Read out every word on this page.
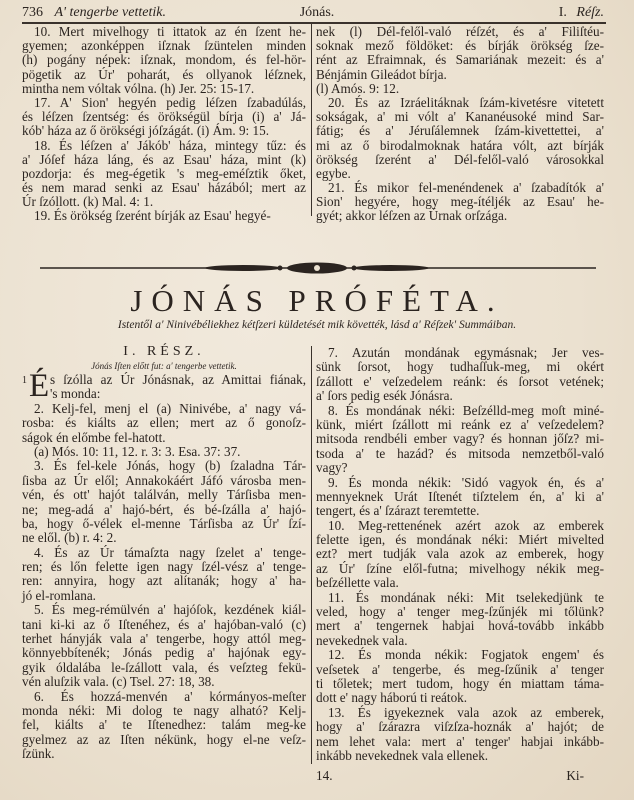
736 A' tengerbe vettetik.	Jónás.	I. Réſz.
10. Mert mivelhogy ti ittatok az én ſzent he-
gyemen; azonképpen iſznak ſzüntelen minden
(h) pogány népek: iſznak, mondom, és fel-hör-
pögetik az Úr' poharát, és ollyanok léſznek,
mintha nem vóltak vólna. (h) Jer. 25: 15-17.
17. A' Sion' hegyén pedig léſzen ſzabadúlás,
és léſzen ſzentség: és örökségül bírja (i) a' Já-
kób' háza az ő örökségi jóſzágát. (i) Ám. 9: 15.
18. És léſzen a' Jákób' háza, mintegy tűz: és
a' Jóſef háza láng, és az Esau' háza, mint (k)
pozdorja: és meg-égetik 's meg-eméſztik őket,
és nem marad senki az Esau' házából; mert az
Úr ſzóllott. (k) Mal. 4: 1.
19. És örökség ſzerént bírják az Esau' hegyé-
nek (l) Dél-felől-való réſzét, és a' Filiſtéu-
soknak mező földöket: és bírják örökség ſze-
rént az Efraimnak, és Samariának mezeit: és a'
Bénjámin Gileádot bírja.
(l) Amós. 9: 12.
20. És az Izráelitáknak ſzám-kivetésre vitetett
sokságak, a' mi vólt a' Kananéusoké mind Sar-
fátig; és a' Jéruſálemnek ſzám-kivettettei, a'
mi az ő birodalmoknak határa vólt, azt bírják
örökség ſzerént a' Dél-felől-való városokkal
egybe.
21. És mikor fel-menéndenek a' ſzabadítók a'
Sion' hegyére, hogy meg-ítéljék az Esau' he-
gyét; akkor léſzen az Úrnak orſzága.
JÓNÁS PRÓFÉTA.
Istentől a' Ninivébéliekhez kétſzeri küldetését mik követték, lásd a' Réſzek' Summáiban.
I. RÉSZ.
Jónás Iſten előtt fut: a' tengerbe vettetik.
1 É s ſzólla az Úr Jónásnak, az Amittai fiának,
's monda:
2. Kelj-fel, menj el (a) Ninivébe, a' nagy vá-
rosba: és kiálts az ellen; mert az ő gonoſz-
ságok én előmbe fel-hatott.
(a) Mós. 10: 11, 12. r. 3: 3. Esa. 37: 37.
3. És fel-kele Jónás, hogy (b) ſzaladna Tár-
ſisba az Úr elől; Annakokáért Jáfó városba men-
vén, és ott' hajót találván, melly Tárſisba men-
ne; meg-adá a' hajó-bért, és bé-ſzálla a' hajó-
ba, hogy ő-vélek el-menne Tárſisba az Úr' ſzí-
ne elől. (b) r. 4: 2.
4. És az Úr támaſzta nagy ſzelet a' tenge-
ren; és lőn felette igen nagy ſzél-vész a' tenge-
ren: annyira, hogy azt alítanák; hogy a' ha-
jó el-romlana.
5. És meg-rémülvén a' hajóſok, kezdének kiál-
tani ki-ki az ő Iſtenéhez, és a' hajóban-való (c)
terhet hányják vala a' tengerbe, hogy attól meg-
könnyebbítenék; Jónás pedig a' hajónak egy-
gyik óldalába le-ſzállott vala, és veſzteg fekü-
vén aluſzik vala. (c) Tsel. 27: 18, 38.
6. És hozzá-menvén a' kórmányos-meſter
monda néki: Mi dolog te nagy alható? Kelj-
fel, kiálts a' te Iſtenedhez: talám meg-ke
gyelmez az az Iſten nékünk, hogy el-ne veſz-
ſzünk.
7. Azután mondának egymásnak; Jer ves-
sünk ſorsot, hogy tudhaſſuk-meg, mi okért
ſzállott e' veſzedelem reánk: és ſorsot vetének;
a' ſors pedig esék Jónásra.
8. És mondának néki: Beſzélld-meg moſt miné-
künk, miért ſzállott mi reánk ez a' veſzedelem?
mitsoda rendbéli ember vagy? és honnan jőſz? mi-
tsoda a' te hazád? és mitsoda nemzetből-való
vagy?
9. És monda nékik: 'Sidó vagyok én, és a'
mennyeknek Urát Iſtenét tiſztelem én, a' ki a'
tengert, és a' ſzárazt teremtette.
10. Meg-rettenének azért azok az emberek
felette igen, és mondának néki: Miért mivelted
ezt? mert tudják vala azok az emberek, hogy
az Úr' ſzíne elől-futna; mivelhogy nékik meg-
beſzéllette vala.
11. És mondának néki: Mit tselekedjünk te
veled, hogy a' tenger meg-ſzűnjék mi tőlünk?
mert a' tengernek habjai hová-tovább inkább
nevekednek vala.
12. És monda nékik: Fogjatok engem' és
veſsetek a' tengerbe, és meg-ſzűnik a' tenger
ti tőletek; mert tudom, hogy én miattam táma-
dott e' nagy háború ti reátok.
13. És igyekeznek vala azok az emberek,
hogy a' ſzárazra viſzſza-hoznák a' hajót; de
nem lehet vala: mert a' tenger' habjai inkább-
inkább nevekednek vala ellenek.
14. Ki-
